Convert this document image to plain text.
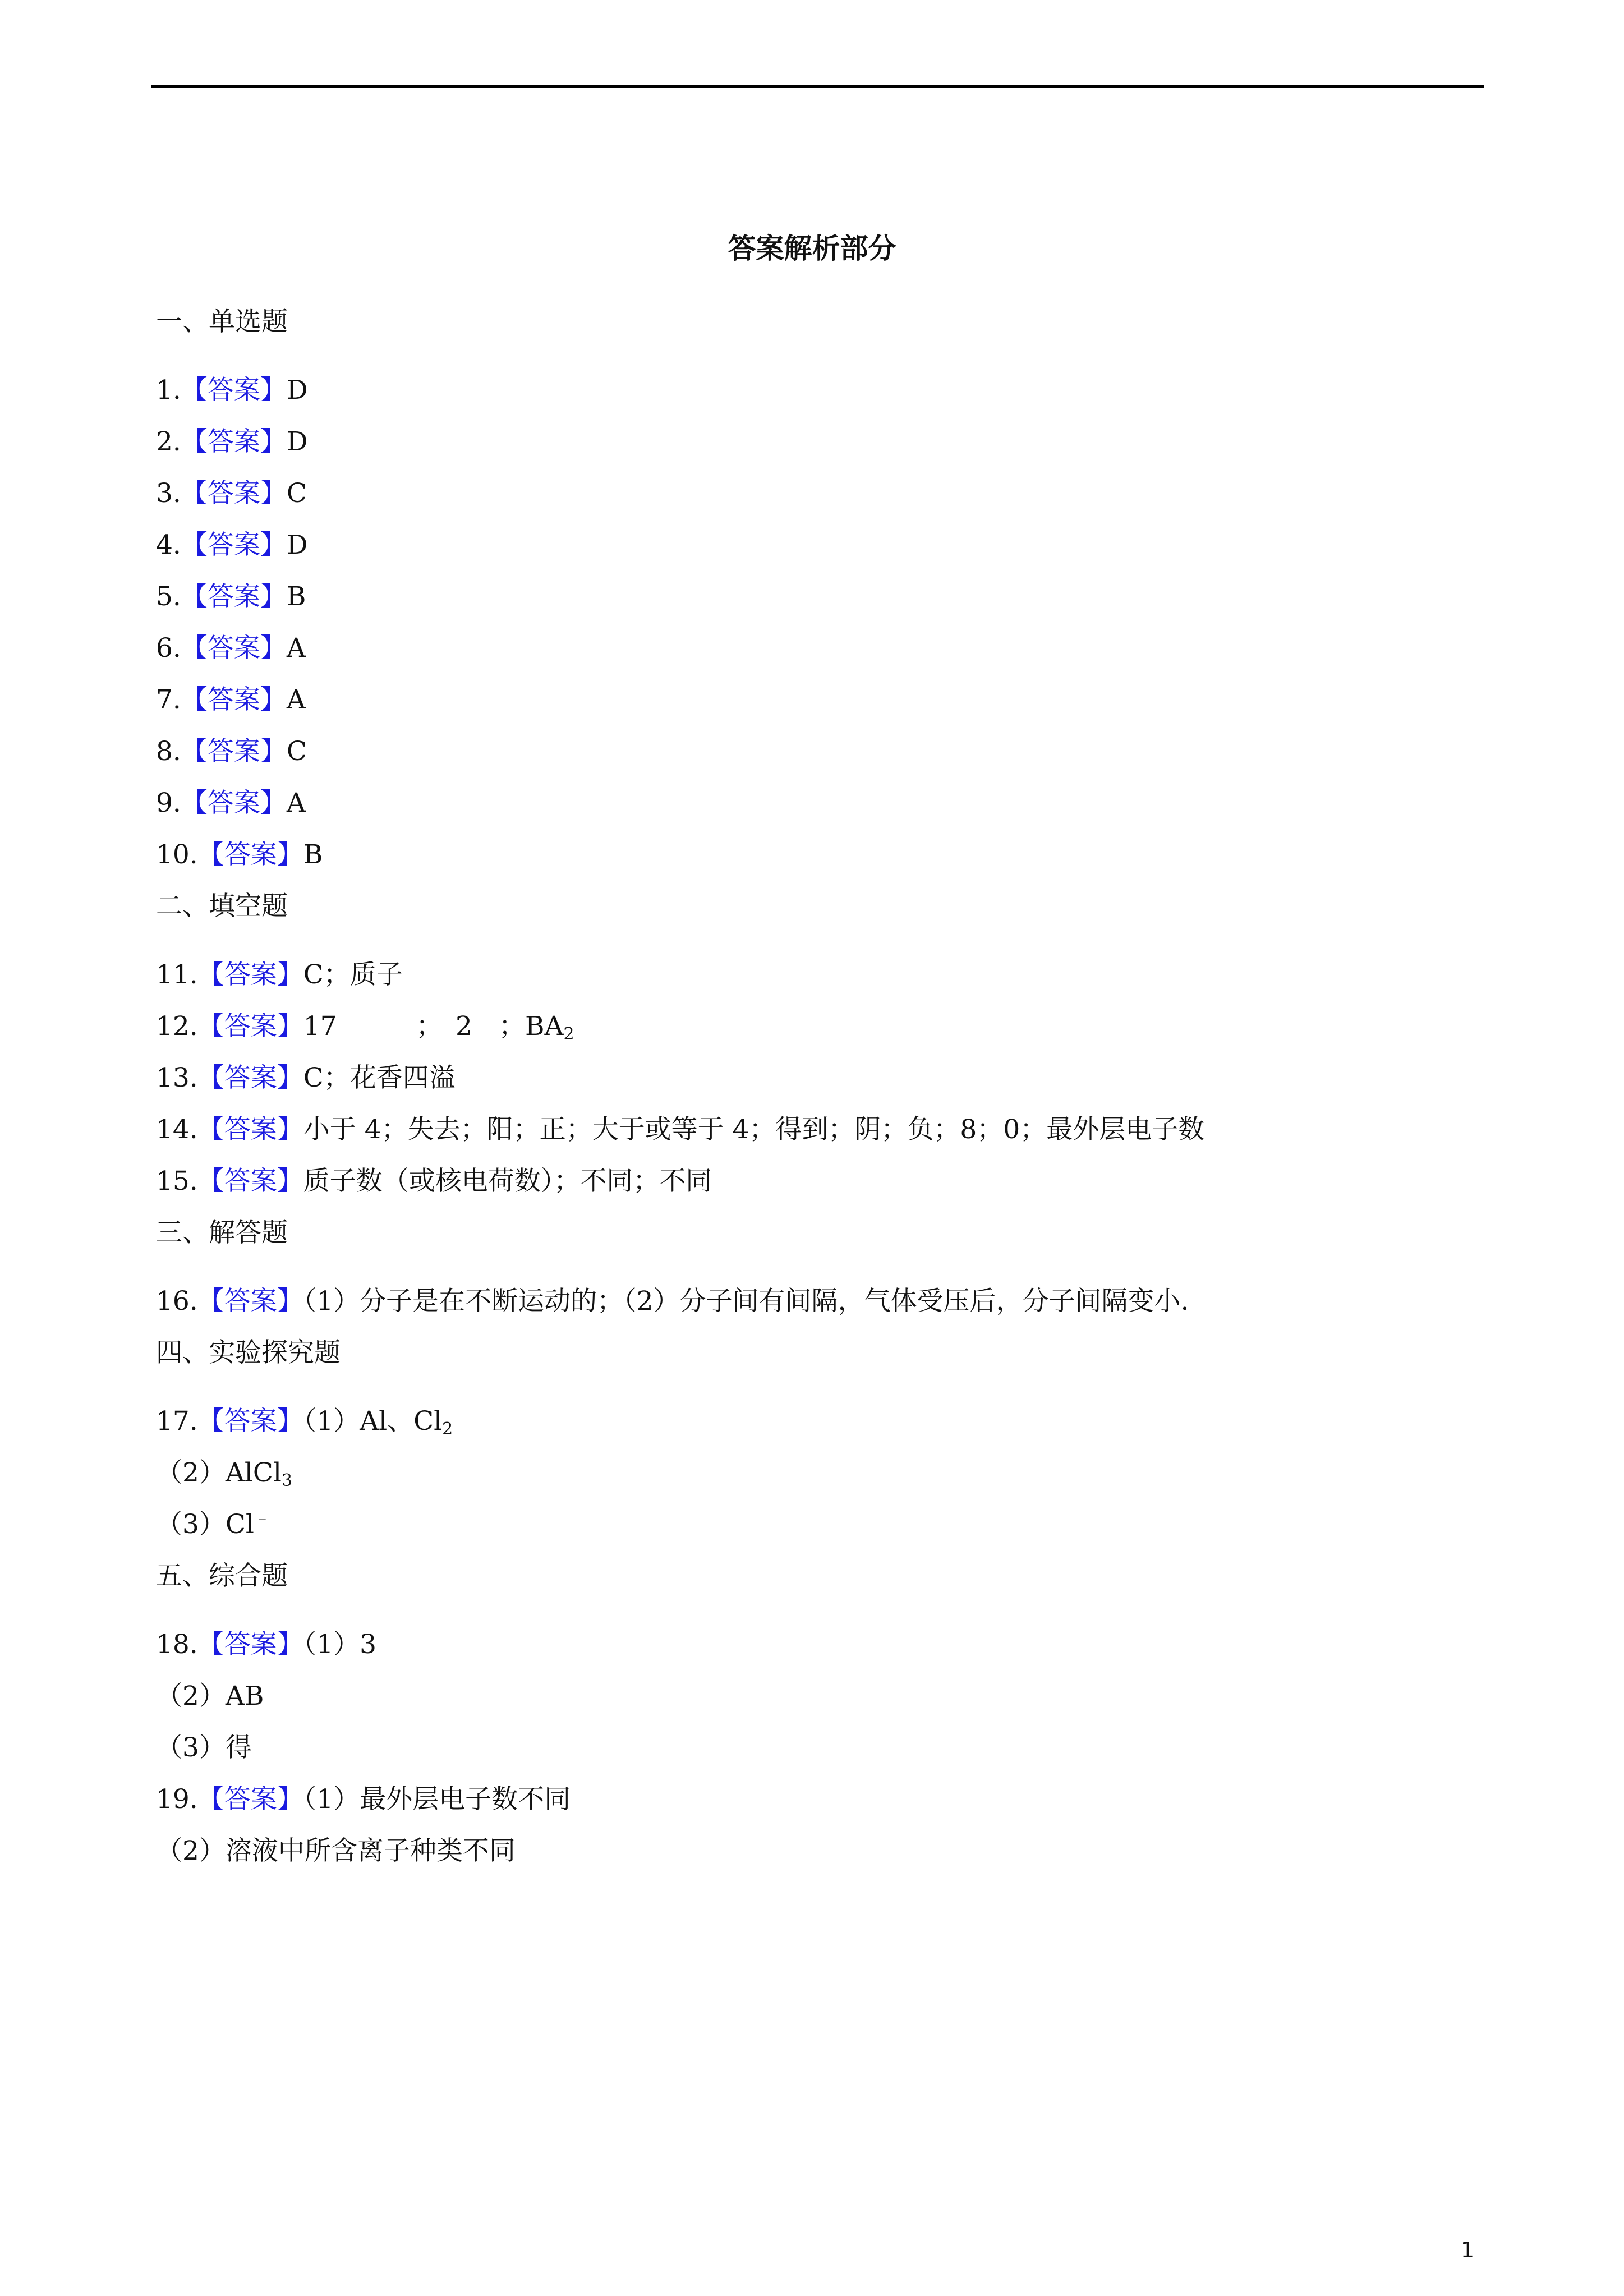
答案解析部分
一、单选题
1.【答案】D
2.【答案】D
3.【答案】C
4.【答案】D
5.【答案】B
6.【答案】A
7.【答案】A
8.【答案】C
9.【答案】A
10.【答案】B
二、填空题
11.【答案】C；质子
12.【答案】17　　　；　2　；$BA_2$
13.【答案】C；花香四溢
14.【答案】小于 4；失去；阳；正；大于或等于 4；得到；阴；负；8；0；最外层电子数
15.【答案】质子数（或核电荷数）；不同；不同
三、解答题
16.【答案】（1）分子是在不断运动的；（2）分子间有间隔，气体受压后，分子间隔变小.
四、实验探究题
17.【答案】（1）Al、$Cl_2$
（2）AlCl$_3$
（3）Cl﹣
五、综合题
18.【答案】（1）3
（2）AB
（3）得
19.【答案】（1）最外层电子数不同
（2）溶液中所含离子种类不同
1
